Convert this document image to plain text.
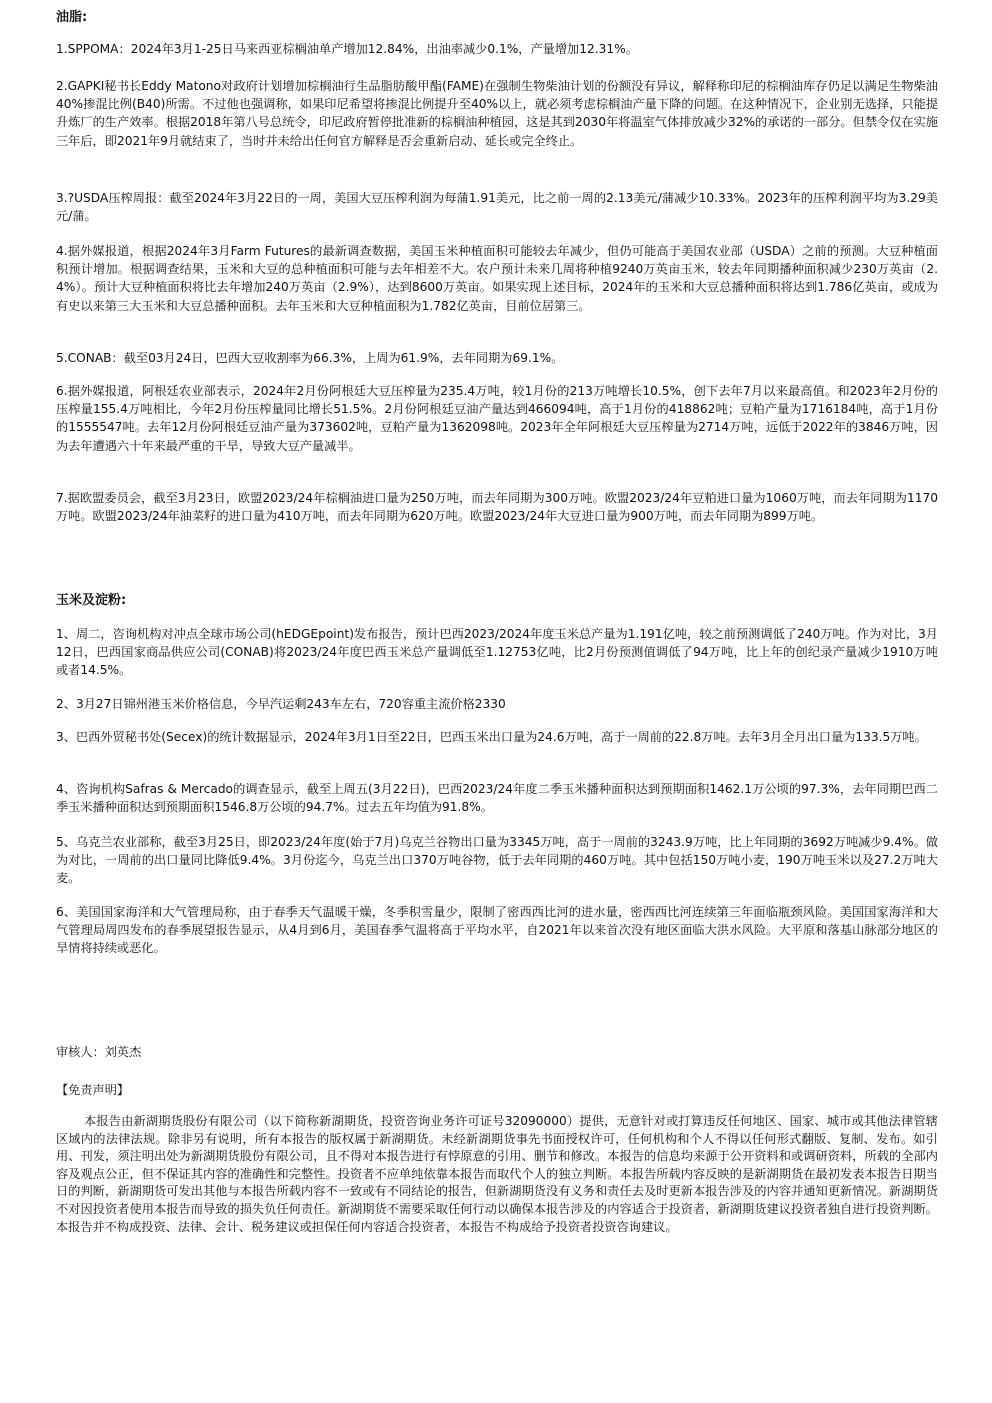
油脂:

1.SPPOMA：2024年3月1-25日马来西亚棕榈油单产增加12.84%，出油率减少0.1%，产量增加12.31%。

2.GAPKI秘书长Eddy Matono对政府计划增加棕榈油行生品脂肪酸甲酯(FAME)在强制生物柴油计划的份额没有异议，解释称印尼的棕榈油库存仍足以满足生物柴油40%掺混比例(B40)所需。不过他也强调称，如果印尼希望将掺混比例提升至40%以上，就必须考虑棕榈油产量下降的问题。在这种情况下，企业别无选择，只能提升炼厂的生产效率。根据2018年第八号总统令，印尼政府暂停批准新的棕榈油种植园，这是其到2030年将温室气体排放减少32%的承诺的一部分。但禁令仅在实施三年后，即2021年9月就结束了，当时并未给出任何官方解释是否会重新启动、延长或完全终止。

3.?USDA压榨周报：截至2024年3月22日的一周，美国大豆压榨利润为每蒲1.91美元，比之前一周的2.13美元/蒲减少10.33%。2023年的压榨利润平均为3.29美元/蒲。

4.据外媒报道，根据2024年3月Farm Futures的最新调查数据，美国玉米种植面积可能较去年减少，但仍可能高于美国农业部（USDA）之前的预测。大豆种植面积预计增加。根据调查结果，玉米和大豆的总种植面积可能与去年相差不大。农户预计未来几周将种植9240万英亩玉米，较去年同期播种面积减少230万英亩（2.4%）。预计大豆种植面积将比去年增加240万英亩（2.9%），达到8600万英亩。如果实现上述目标，2024年的玉米和大豆总播种面积将达到1.786亿英亩，或成为有史以来第三大玉米和大豆总播种面积。去年玉米和大豆种植面积为1.782亿英亩，目前位居第三。

5.CONAB：截至03月24日，巴西大豆收割率为66.3%，上周为61.9%，去年同期为69.1%。

6.据外媒报道，阿根廷农业部表示，2024年2月份阿根廷大豆压榨量为235.4万吨，较1月份的213万吨增长10.5%，创下去年7月以来最高值。和2023年2月份的压榨量155.4万吨相比，今年2月份压榨量同比增长51.5%。2月份阿根廷豆油产量达到466094吨，高于1月份的418862吨；豆粕产量为1716184吨，高于1月份的1555547吨。去年12月份阿根廷豆油产量为373602吨，豆粕产量为1362098吨。2023年全年阿根廷大豆压榨量为2714万吨，远低于2022年的3846万吨，因为去年遭遇六十年来最严重的干旱，导致大豆产量减半。

7.据欧盟委员会，截至3月23日，欧盟2023/24年棕榈油进口量为250万吨，而去年同期为300万吨。欧盟2023/24年豆粕进口量为1060万吨，而去年同期为1170万吨。欧盟2023/24年油菜籽的进口量为410万吨，而去年同期为620万吨。欧盟2023/24年大豆进口量为900万吨，而去年同期为899万吨。

玉米及淀粉:

1、周二，咨询机构对冲点全球市场公司(hEDGEpoint)发布报告，预计巴西2023/2024年度玉米总产量为1.191亿吨，较之前预测调低了240万吨。作为对比，3月12日，巴西国家商品供应公司(CONAB)将2023/24年度巴西玉米总产量调低至1.12753亿吨，比2月份预测值调低了94万吨，比上年的创纪录产量减少1910万吨或者14.5%。

2、3月27日锦州港玉米价格信息，今早汽运剩243车左右，720容重主流价格2330

3、巴西外贸秘书处(Secex)的统计数据显示，2024年3月1日至22日，巴西玉米出口量为24.6万吨，高于一周前的22.8万吨。去年3月全月出口量为133.5万吨。

4、咨询机构Safras & Mercado的调查显示，截至上周五(3月22日)，巴西2023/24年度二季玉米播种面积达到预期面积1462.1万公顷的97.3%，去年同期巴西二季玉米播种面积达到预期面积1546.8万公顷的94.7%。过去五年均值为91.8%。

5、乌克兰农业部称，截至3月25日，即2023/24年度(始于7月)乌克兰谷物出口量为3345万吨，高于一周前的3243.9万吨，比上年同期的3692万吨减少9.4%。做为对比，一周前的出口量同比降低9.4%。3月份迄今，乌克兰出口370万吨谷物，低于去年同期的460万吨。其中包括150万吨小麦，190万吨玉米以及27.2万吨大麦。

6、美国国家海洋和大气管理局称，由于春季天气温暖干燥，冬季积雪量少，限制了密西西比河的进水量，密西西比河连续第三年面临瓶颈风险。美国国家海洋和大气管理局周四发布的春季展望报告显示，从4月到6月，美国春季气温将高于平均水平，自2021年以来首次没有地区面临大洪水风险。大平原和落基山脉部分地区的旱情将持续或恶化。

审核人：刘英杰

【免责声明】

本报告由新湖期货股份有限公司（以下简称新湖期货，投资咨询业务许可证号32090000）提供，无意针对或打算违反任何地区、国家、城市或其他法律管辖区域内的法律法规。除非另有说明，所有本报告的版权属于新湖期货。未经新湖期货事先书面授权许可，任何机构和个人不得以任何形式翻版、复制、发布。如引用、刊发，须注明出处为新湖期货股份有限公司，且不得对本报告进行有悖原意的引用、删节和修改。本报告的信息均来源于公开资料和或调研资料，所载的全部内容及观点公正，但不保证其内容的准确性和完整性。投资者不应单纯依靠本报告而取代个人的独立判断。本报告所载内容反映的是新湖期货在最初发表本报告日期当日的判断，新湖期货可发出其他与本报告所载内容不一致或有不同结论的报告，但新湖期货没有义务和责任去及时更新本报告涉及的内容并通知更新情况。新湖期货不对因投资者使用本报告而导致的损失负任何责任。新湖期货不需要采取任何行动以确保本报告涉及的内容适合于投资者，新湖期货建议投资者独自进行投资判断。本报告并不构成投资、法律、会计、税务建议或担保任何内容适合投资者，本报告不构成给予投资者投资咨询建议。
